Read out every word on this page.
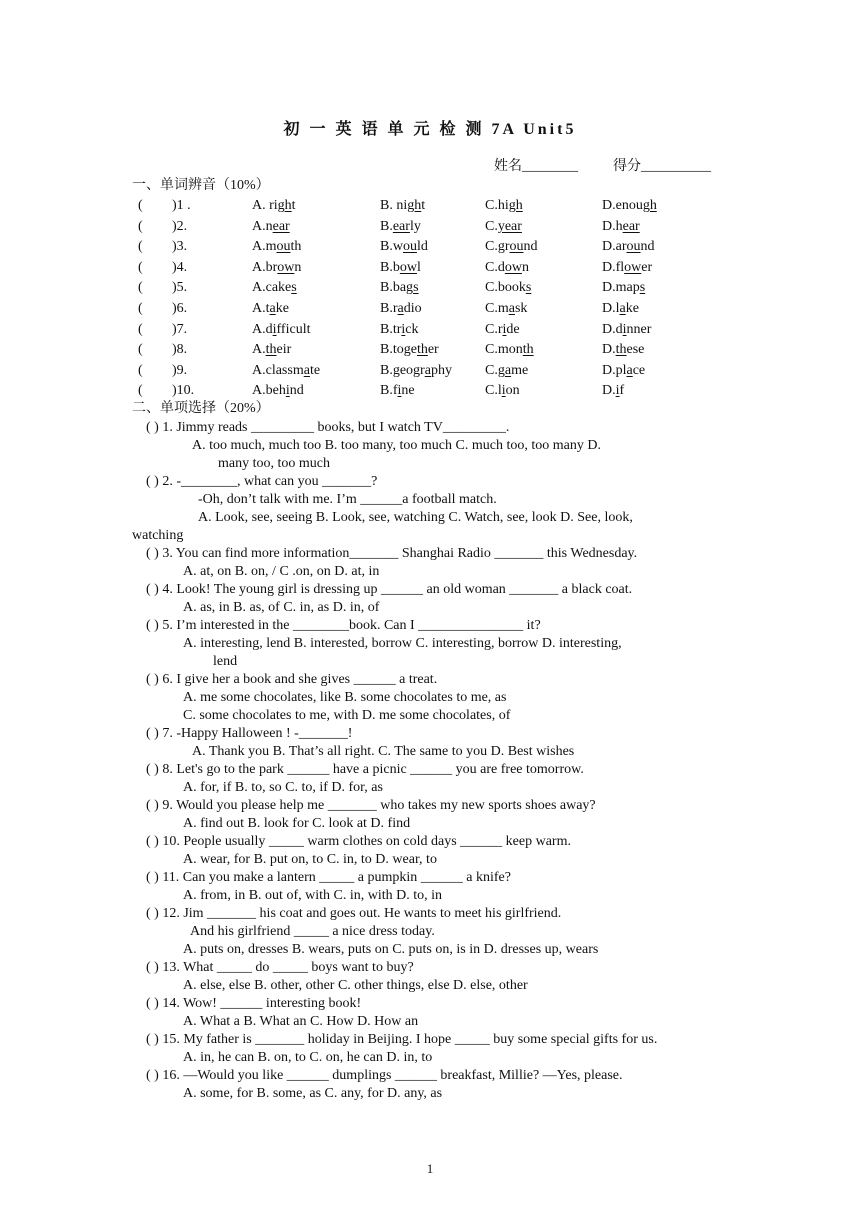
初 一 英 语 单 元 检 测 7A Unit5
姓名________	得分__________
一、单词辨音（10%）
( )1 .	A. right	B. night	C.high	D.enough
( )2.	A.near	B.early	C.year	D.hear
( )3.	A.mouth	B.would	C.ground	D.around
( )4.	A.brown	B.bowl	C.down	D.flower
( )5.	A.cakes	B.bags	C.books	D.maps
( )6.	A.take	B.radio	C.mask	D.lake
( )7.	A.difficult	B.trick	C.ride	D.dinner
( )8.	A.their	B.together	C.month	D.these
( )9.	A.classmate	B.geography C.game	D.place
( )10.	A.behind	B.fine	C.lion	D.if
二、单项选择（20%）
( ) 1. Jimmy reads _________ books, but I watch TV_________.
A. too much, much too B. too many, too much C. much too, too many D.
many too, too much
( ) 2. -________, what can you _______?
-Oh, don’t talk with me. I’m ______a football match.
A. Look, see, seeing B. Look, see, watching C. Watch, see, look D. See, look,
watching
( ) 3. You can find more information_______ Shanghai Radio _______ this Wednesday.
A. at, on B. on, / C .on, on D. at, in
( ) 4. Look! The young girl is dressing up ______ an old woman _______ a black coat.
A. as, in B. as, of C. in, as D. in, of
( ) 5. I’m interested in the ________book. Can I _______________ it?
A. interesting, lend B. interested, borrow C. interesting, borrow D. interesting,
lend
( ) 6. I give her a book and she gives ______ a treat.
A. me some chocolates, like B. some chocolates to me, as
C. some chocolates to me, with D. me some chocolates, of
( ) 7. -Happy Halloween ! -_______!
A. Thank you B. That’s all right. C. The same to you D. Best wishes
( ) 8. Let's go to the park ______ have a picnic ______ you are free tomorrow.
A. for, if B. to, so C. to, if D. for, as
( ) 9. Would you please help me _______ who takes my new sports shoes away?
A. find out B. look for C. look at D. find
( ) 10. People usually _____ warm clothes on cold days ______ keep warm.
A. wear, for B. put on, to C. in, to D. wear, to
( ) 11. Can you make a lantern _____ a pumpkin ______ a knife?
A. from, in B. out of, with C. in, with D. to, in
( ) 12. Jim _______ his coat and goes out. He wants to meet his girlfriend.
And his girlfriend _____ a nice dress today.
A. puts on, dresses B. wears, puts on C. puts on, is in D. dresses up, wears
( ) 13. What _____ do _____ boys want to buy?
A. else, else B. other, other C. other things, else D. else, other
( ) 14. Wow! ______ interesting book!
A. What a B. What an C. How D. How an
( ) 15. My father is _______ holiday in Beijing. I hope _____ buy some special gifts for us.
A. in, he can B. on, to C. on, he can D. in, to
( ) 16. —Would you like ______ dumplings ______ breakfast, Millie? —Yes, please.
A. some, for B. some, as C. any, for D. any, as
1
